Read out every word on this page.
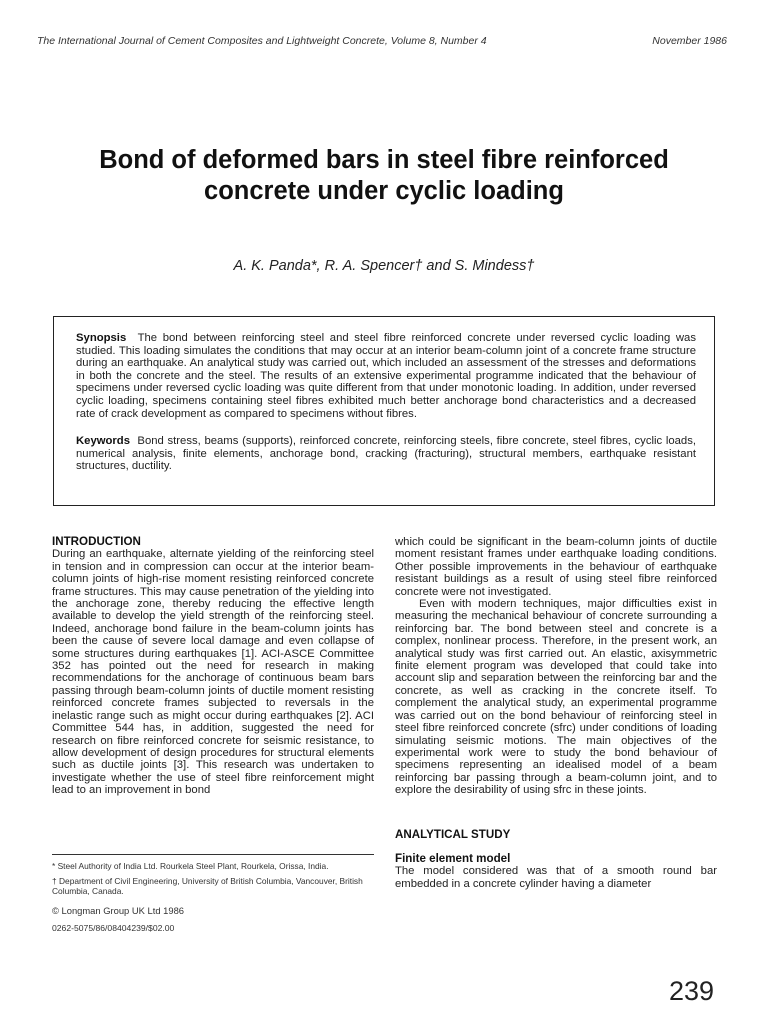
The International Journal of Cement Composites and Lightweight Concrete, Volume 8, Number 4	November 1986
Bond of deformed bars in steel fibre reinforced concrete under cyclic loading
A. K. Panda*, R. A. Spencer† and S. Mindess†

Synopsis The bond between reinforcing steel and steel fibre reinforced concrete under reversed cyclic loading was studied. This loading simulates the conditions that may occur at an interior beam-column joint of a concrete frame structure during an earthquake. An analytical study was carried out, which included an assessment of the stresses and deformations in both the concrete and the steel. The results of an extensive experimental programme indicated that the behaviour of specimens under reversed cyclic loading was quite different from that under monotonic loading. In addition, under reversed cyclic loading, specimens containing steel fibres exhibited much better anchorage bond characteristics and a decreased rate of crack development as compared to specimens without fibres.

Keywords Bond stress, beams (supports), reinforced concrete, reinforcing steels, fibre concrete, steel fibres, cyclic loads, numerical analysis, finite elements, anchorage bond, cracking (fracturing), structural members, earthquake resistant structures, ductility.

INTRODUCTION

During an earthquake, alternate yielding of the reinforcing steel in tension and in compression can occur at the interior beam-column joints of high-rise moment resisting reinforced concrete frame structures. This may cause penetration of the yielding into the anchorage zone, thereby reducing the effective length available to develop the yield strength of the reinforcing steel. Indeed, anchorage bond failure in the beam-column joints has been the cause of severe local damage and even collapse of some structures during earthquakes [1]. ACI-ASCE Committee 352 has pointed out the need for research in making recommendations for the anchorage of continuous beam bars passing through beam-column joints of ductile moment resisting reinforced concrete frames subjected to reversals in the inelastic range such as might occur during earthquakes [2]. ACI Committee 544 has, in addition, suggested the need for research on fibre reinforced concrete for seismic resistance, to allow development of design procedures for structural elements such as ductile joints [3]. This research was undertaken to investigate whether the use of steel fibre reinforcement might lead to an improvement in bond

which could be significant in the beam-column joints of ductile moment resistant frames under earthquake loading conditions. Other possible improvements in the behaviour of earthquake resistant buildings as a result of using steel fibre reinforced concrete were not investigated.

Even with modern techniques, major difficulties exist in measuring the mechanical behaviour of concrete surrounding a reinforcing bar. The bond between steel and concrete is a complex, nonlinear process. Therefore, in the present work, an analytical study was first carried out. An elastic, axisymmetric finite element program was developed that could take into account slip and separation between the reinforcing bar and the concrete, as well as cracking in the concrete itself. To complement the analytical study, an experimental programme was carried out on the bond behaviour of reinforcing steel in steel fibre reinforced concrete (sfrc) under conditions of loading simulating seismic motions. The main objectives of the experimental work were to study the bond behaviour of specimens representing an idealised model of a beam reinforcing bar passing through a beam-column joint, and to explore the desirability of using sfrc in these joints.

ANALYTICAL STUDY
Finite element model

The model considered was that of a smooth round bar embedded in a concrete cylinder having a diameter

* Steel Authority of India Ltd. Rourkela Steel Plant, Rourkela, Orissa, India.

† Department of Civil Engineering, University of British Columbia, Vancouver, British Columbia, Canada.

© Longman Group UK Ltd 1986

0262-5075/86/08404239/$02.00

239
